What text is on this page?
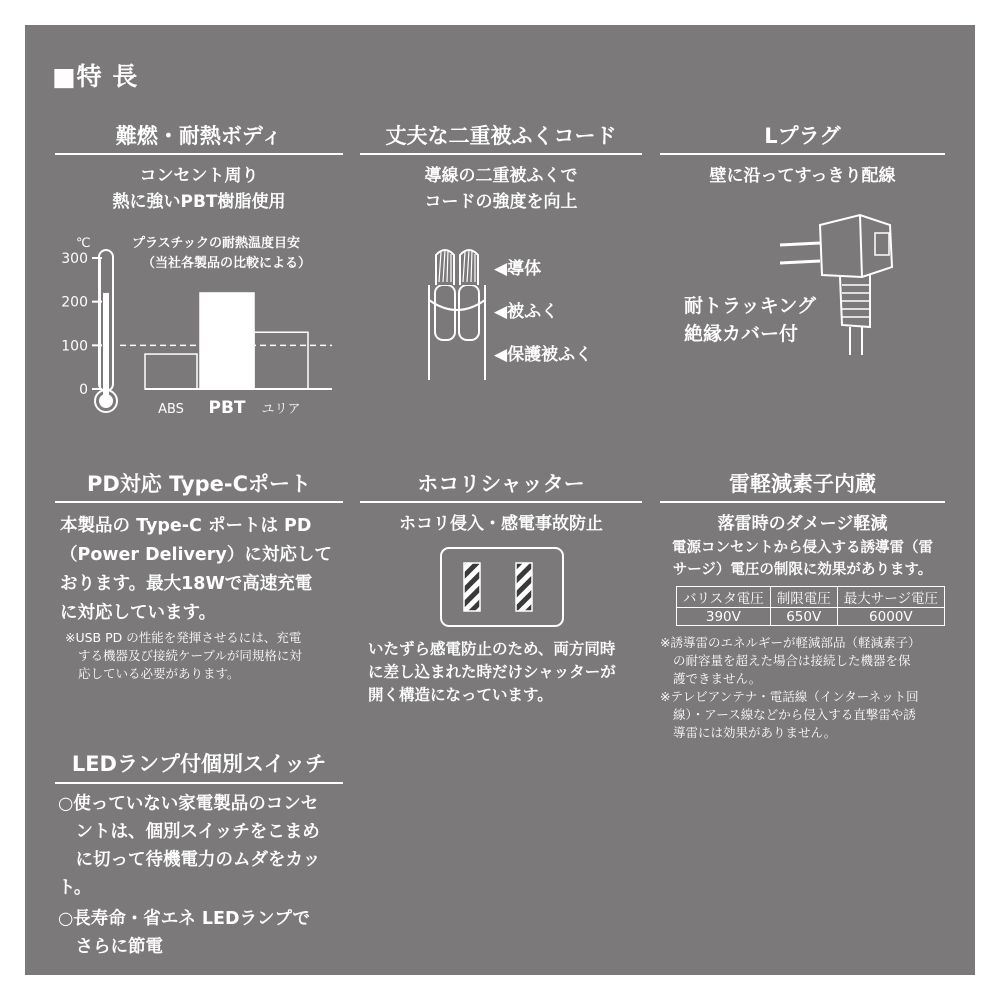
■特 長
難燃・耐熱ボディ
コンセント周り
熱に強いPBT樹脂使用
℃	プラスチックの耐熱温度目安
（当社各製品の比較による）
300
200
100
0
ABS PBT ユリア
丈夫な二重被ふくコード
導線の二重被ふくで
コードの強度を向上
◀導体
◀被ふく
◀保護被ふく
Lプラグ
壁に沿ってすっきり配線
耐トラッキング
絶縁カバー付
PD対応 Type-Cポート
本製品の Type-C ポートは PD
（Power Delivery）に対応して
おります。最大18Wで高速充電
に対応しています。
※USB PD の性能を発揮させるには、充電
する機器及び接続ケーブルが同規格に対
応している必要があります。
ホコリシャッター
ホコリ侵入・感電事故防止
いたずら感電防止のため、両方同時
に差し込まれた時だけシャッターが
開く構造になっています。
雷軽減素子内蔵
落雷時のダメージ軽減
電源コンセントから侵入する誘導雷（雷
サージ）電圧の制限に効果があります。
バリスタ電圧	制限電圧	最大サージ電圧
390V	650V	6000V
※誘導雷のエネルギーが軽減部品（軽減素子）
の耐容量を超えた場合は接続した機器を保
護できません。
※テレビアンテナ・電話線（インターネット回
線）・アース線などから侵入する直撃雷や誘
導雷には効果がありません。
LEDランプ付個別スイッチ
○使っていない家電製品のコンセ
　ントは、個別スイッチをこまめ
　に切って待機電力のムダをカット。
○長寿命・省エネ LEDランプで
　さらに節電
